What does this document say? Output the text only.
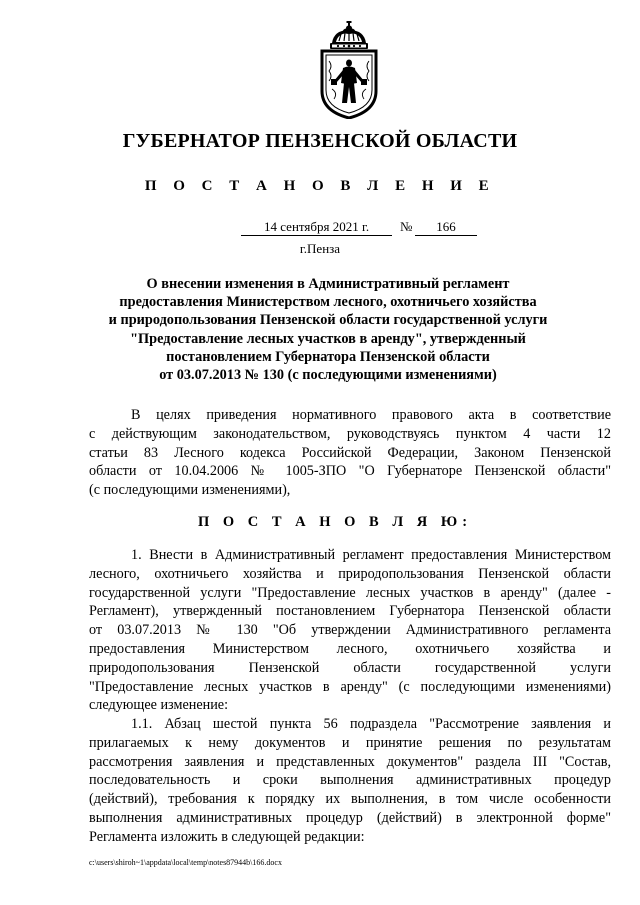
ГУБЕРНАТОР ПЕНЗЕНСКОЙ ОБЛАСТИ
П О С Т А Н О В Л Е Н И Е
14 сентября 2021 г.	№	166
г.Пенза
О внесении изменения в Административный регламент
предоставления Министерством лесного, охотничьего хозяйства
и природопользования Пензенской области государственной услуги
"Предоставление лесных участков в аренду", утвержденный
постановлением Губернатора Пензенской области
от 03.07.2013 № 130 (с последующими изменениями)
В целях приведения нормативного правового акта в соответствие
с действующим законодательством, руководствуясь пунктом 4 части 12
статьи 83 Лесного кодекса Российской Федерации, Законом Пензенской
области от 10.04.2006 № 1005-ЗПО "О Губернаторе Пензенской области"
(с последующими изменениями),
П О С Т А Н О В Л Я Ю:
1. Внести в Административный регламент предоставления Министерством
лесного, охотничьего хозяйства и природопользования Пензенской области
государственной услуги "Предоставление лесных участков в аренду" (далее -
Регламент), утвержденный постановлением Губернатора Пензенской области
от 03.07.2013 № 130 "Об утверждении Административного регламента
предоставления Министерством лесного, охотничьего хозяйства и
природопользования Пензенской области государственной услуги
"Предоставление лесных участков в аренду" (с последующими изменениями)
следующее изменение:
1.1. Абзац шестой пункта 56 подраздела "Рассмотрение заявления и
прилагаемых к нему документов и принятие решения по результатам
рассмотрения заявления и представленных документов" раздела III "Состав,
последовательность и сроки выполнения административных процедур
(действий), требования к порядку их выполнения, в том числе особенности
выполнения административных процедур (действий) в электронной форме"
Регламента изложить в следующей редакции:
c:\users\shiroh~1\appdata\local\temp\notes87944b\166.docx
